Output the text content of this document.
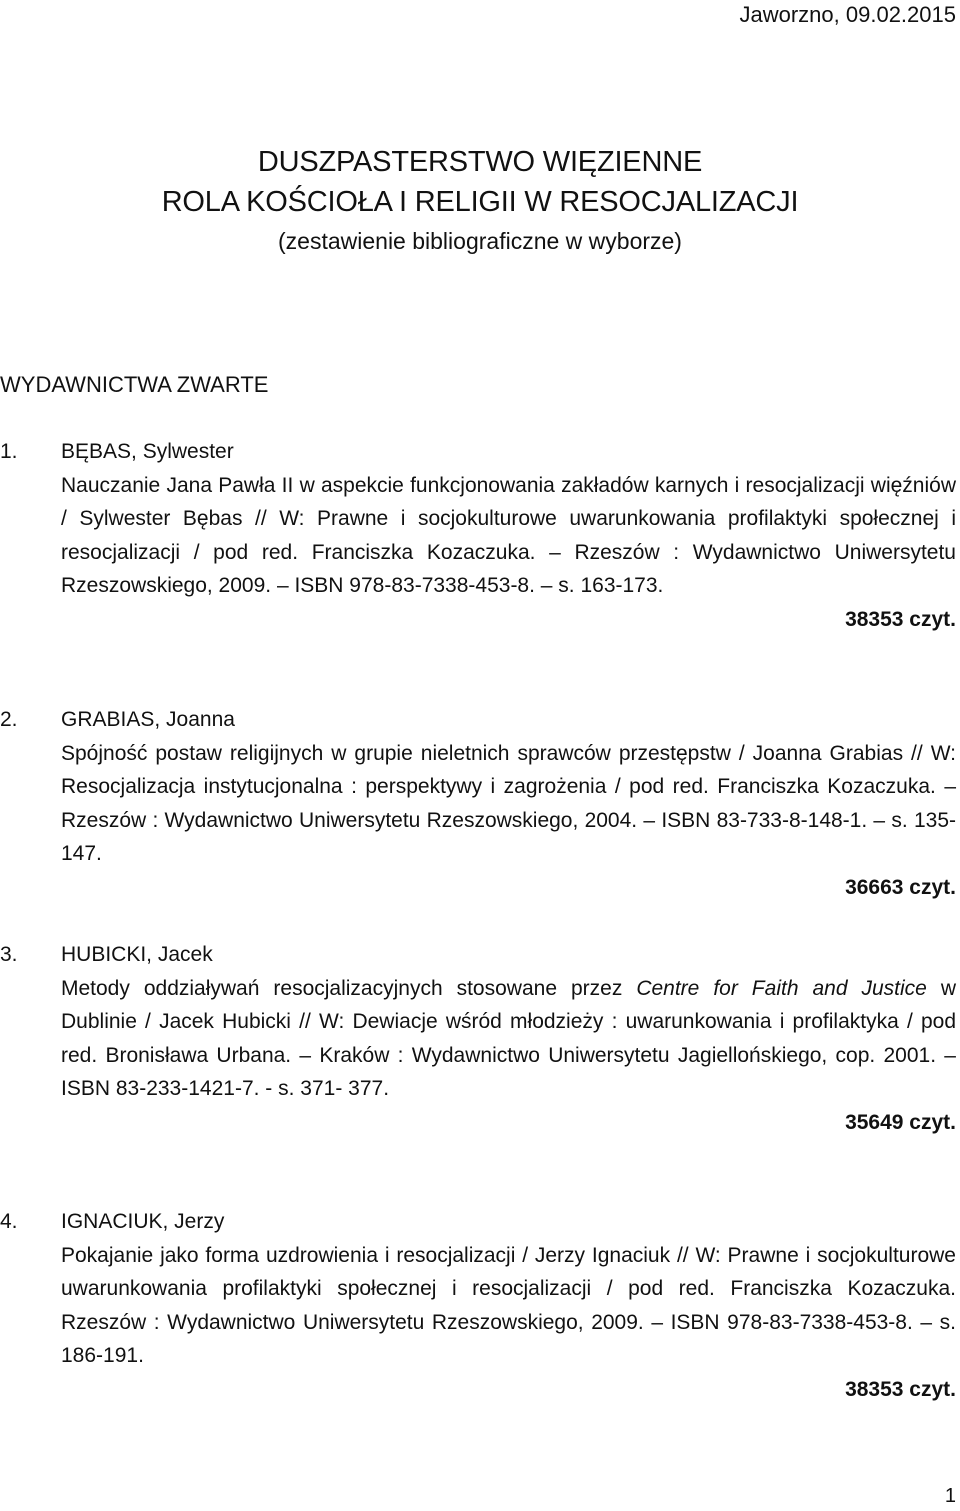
Jaworzno, 09.02.2015
DUSZPASTERSTWO WIĘZIENNE
ROLA KOŚCIOŁA I RELIGII W RESOCJALIZACJI
(zestawienie bibliograficzne w wyborze)
WYDAWNICTWA ZWARTE
1.	BĘBAS, Sylwester

Nauczanie Jana Pawła II w aspekcie funkcjonowania zakładów karnych i resocjalizacji więźniów / Sylwester Bębas // W: Prawne i socjokulturowe uwarunkowania profilaktyki społecznej i resocjalizacji / pod red. Franciszka Kozaczuka. – Rzeszów : Wydawnictwo Uniwersytetu Rzeszowskiego, 2009. – ISBN 978-83-7338-453-8. – s. 163-173.

38353 czyt.
2.	GRABIAS, Joanna

Spójność postaw religijnych w grupie nieletnich sprawców przestępstw / Joanna Grabias // W: Resocjalizacja instytucjonalna : perspektywy i zagrożenia / pod red. Franciszka Kozaczuka. – Rzeszów : Wydawnictwo Uniwersytetu Rzeszowskiego, 2004. – ISBN 83-733-8-148-1. – s. 135-147.

36663 czyt.
3.	HUBICKI, Jacek

Metody oddziaływań resocjalizacyjnych stosowane przez Centre for Faith and Justice w Dublinie / Jacek Hubicki // W: Dewiacje wśród młodzieży : uwarunkowania i profilaktyka / pod red. Bronisława Urbana. – Kraków : Wydawnictwo Uniwersytetu Jagiellońskiego, cop. 2001. – ISBN 83-233-1421-7. - s. 371- 377.

35649 czyt.
4.	IGNACIUK, Jerzy

Pokajanie jako forma uzdrowienia i resocjalizacji / Jerzy Ignaciuk // W: Prawne i socjokulturowe uwarunkowania profilaktyki społecznej i resocjalizacji / pod red. Franciszka Kozaczuka. Rzeszów : Wydawnictwo Uniwersytetu Rzeszowskiego, 2009. – ISBN 978-83-7338-453-8. – s. 186-191.

38353 czyt.
1
